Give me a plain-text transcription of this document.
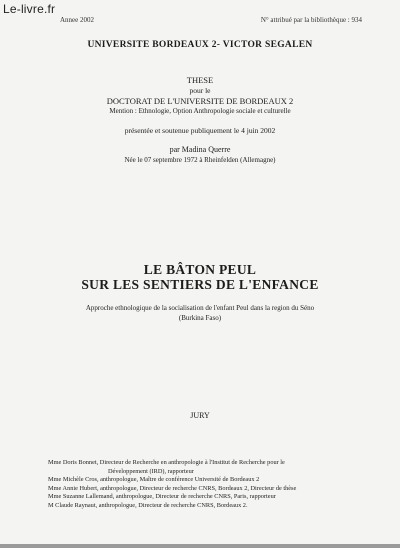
Le-livre.fr
Annee 2002	N° attribué par la bibliothèque : 934
UNIVERSITE BORDEAUX 2- VICTOR SEGALEN
THESE
pour le
DOCTORAT DE L'UNIVERSITE DE BORDEAUX 2
Mention : Ethnologie, Option Anthropologie sociale et culturelle
présentée et soutenue publiquement le 4 juin 2002
par Madina Querre
Née le 07 septembre 1972 à Rheinfelden (Allemagne)
LE BÂTON PEUL
SUR LES SENTIERS DE L'ENFANCE
Approche ethnologique de la socialisation de l'enfant Peul dans la region du Séno
(Burkina Faso)
JURY
Mme Doris Bonnet, Directeur de Recherche en anthropologie à l'Institut de Recherche pour le
Développement (IRD), rapporteur
Mme Michèle Cros, anthropologue, Maître de conférence Université de Bordeaux 2
Mme Annie Hubert, anthropologue, Directeur de recherche CNRS, Bordeaux 2, Directeur de thèse
Mme Suzanne Lallemand, anthropologue, Directeur de recherche CNRS, Paris, rapporteur
M Claude Raynaut, anthropologue, Directeur de recherche CNRS, Bordeaux 2.
